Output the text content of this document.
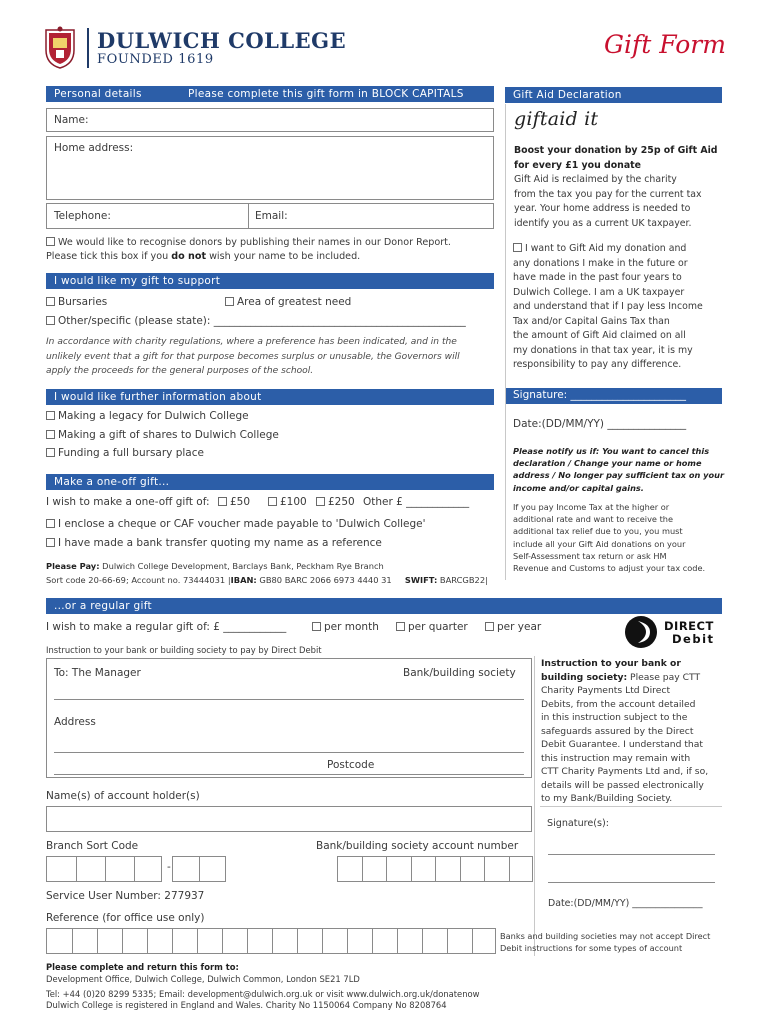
DULWICH COLLEGE
FOUNDED 1619
Gift Form
Personal details	Please complete this gift form in BLOCK CAPITALS
Name:
Home address:
Telephone:	Email:
We would like to recognise donors by publishing their names in our Donor Report.
Please tick this box if you do not wish your name to be included.
I would like my gift to support
Bursaries	Area of greatest need
Other/specific (please state): ________________________________________________
In accordance with charity regulations, where a preference has been indicated, and in the
unlikely event that a gift for that purpose becomes surplus or unusable, the Governors will
apply the proceeds for the general purposes of the school.
I would like further information about
Making a legacy for Dulwich College
Making a gift of shares to Dulwich College
Funding a full bursary place
Make a one-off gift...
I wish to make a one-off gift of:	£50	£100	£250 Other £ ____________
I enclose a cheque or CAF voucher made payable to 'Dulwich College'
I have made a bank transfer quoting my name as a reference
Please Pay: Dulwich College Development, Barclays Bank, Peckham Rye Branch
Sort code 20-66-69; Account no. 73444031 |IBAN: GB80 BARC 2066 6973 4440 31 SWIFT: BARCGB22|
Gift Aid Declaration
giftaid it
Boost your donation by 25p of Gift Aid
for every £1 you donate
Gift Aid is reclaimed by the charity
from the tax you pay for the current tax
year. Your home address is needed to
identify you as a current UK taxpayer.
I want to Gift Aid my donation and
any donations I make in the future or
have made in the past four years to
Dulwich College. I am a UK taxpayer
and understand that if I pay less Income
Tax and/or Capital Gains Tax than
the amount of Gift Aid claimed on all
my donations in that tax year, it is my
responsibility to pay any difference.
Signature: ______________________
Date:(DD/MM/YY) _______________
Please notify us if: You want to cancel this
declaration / Change your name or home
address / No longer pay sufficient tax on your
income and/or capital gains.
If you pay Income Tax at the higher or
additional rate and want to receive the
additional tax relief due to you, you must
include all your Gift Aid donations on your
Self-Assessment tax return or ask HM
Revenue and Customs to adjust your tax code.
...or a regular gift
I wish to make a regular gift of: £ ____________	per month	per quarter	per year	DIRECT
Debit
Instruction to your bank or building society to pay by Direct Debit
To: The Manager	Bank/building society
Address
Postcode
Name(s) of account holder(s)
Branch Sort Code	Bank/building society account number
-
Service User Number: 277937
Reference (for office use only)
Instruction to your bank or
building society: Please pay CTT
Charity Payments Ltd Direct
Debits, from the account detailed
in this instruction subject to the
safeguards assured by the Direct
Debit Guarantee. I understand that
this instruction may remain with
CTT Charity Payments Ltd and, if so,
details will be passed electronically
to my Bank/Building Society.
Signature(s):
Date:(DD/MM/YY) _______________
Banks and building societies may not accept Direct
Debit instructions for some types of account
Please complete and return this form to:
Development Office, Dulwich College, Dulwich Common, London SE21 7LD
Tel: +44 (0)20 8299 5335; Email: development@dulwich.org.uk or visit www.dulwich.org.uk/donatenow
Dulwich College is registered in England and Wales. Charity No 1150064 Company No 8208764
